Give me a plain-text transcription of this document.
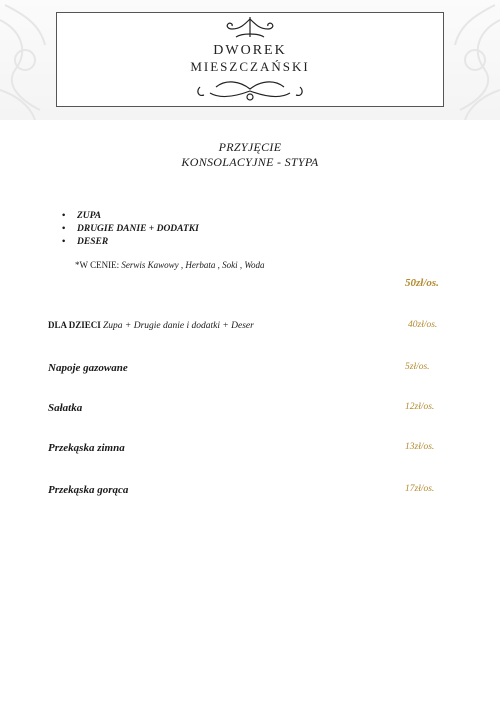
DWOREK
MIESZCZAŃSKI
PRZYJĘCIE
KONSOLACYJNE - STYPA
• ZUPA
• DRUGIE DANIE + DODATKI
• DESER
*W CENIE: Serwis Kawowy , Herbata , Soki , Woda
50zł/os.
DLA DZIECI Zupa + Drugie danie i dodatki + Deser	40zł/os.
Napoje gazowane	5zł/os.
Sałatka	12zł/os.
Przekąska zimna	13zł/os.
Przekąska gorąca	17zł/os.
